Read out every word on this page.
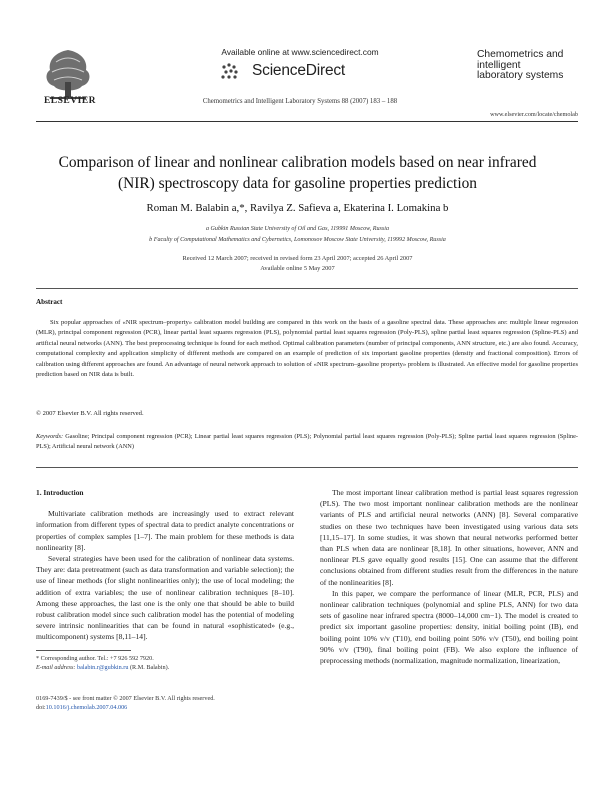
ELSEVIER
Available online at www.sciencedirect.com
ScienceDirect
Chemometrics and Intelligent Laboratory Systems 88 (2007) 183 – 188
Chemometrics and
intelligent
laboratory systems
www.elsevier.com/locate/chemolab
Comparison of linear and nonlinear calibration models based on near infrared
(NIR) spectroscopy data for gasoline properties prediction
Roman M. Balabin a,*, Ravilya Z. Safieva a, Ekaterina I. Lomakina b
a Gubkin Russian State University of Oil and Gas, 119991 Moscow, Russia
b Faculty of Computational Mathematics and Cybernetics, Lomonosov Moscow State University, 119992 Moscow, Russia
Received 12 March 2007; received in revised form 23 April 2007; accepted 26 April 2007
Available online 5 May 2007
Abstract
Six popular approaches of «NIR spectrum–property» calibration model building are compared in this work on the basis of a gasoline spectral data. These approaches are: multiple linear regression (MLR), principal component regression (PCR), linear partial least squares regression (PLS), polynomial partial least squares regression (Poly-PLS), spline partial least squares regression (Spline-PLS) and artificial neural networks (ANN). The best preprocessing technique is found for each method. Optimal calibration parameters (number of principal components, ANN structure, etc.) are also found. Accuracy, computational complexity and application simplicity of different methods are compared on an example of prediction of six important gasoline properties (density and fractional composition). Errors of calibration using different approaches are found. An advantage of neural network approach to solution of «NIR spectrum–gasoline property» problem is illustrated. An effective model for gasoline properties prediction based on NIR data is built.
© 2007 Elsevier B.V. All rights reserved.
Keywords: Gasoline; Principal component regression (PCR); Linear partial least squares regression (PLS); Polynomial partial least squares regression (Poly-PLS); Spline partial least squares regression (Spline-PLS); Artificial neural network (ANN)
1. Introduction

Multivariate calibration methods are increasingly used to extract relevant information from different types of spectral data to predict analyte concentrations or properties of complex samples [1–7]. The main problem for these methods is data nonlinearity [8].

Several strategies have been used for the calibration of nonlinear data systems. They are: data pretreatment (such as data transformation and variable selection); the use of linear methods (for slight nonlinearities only); the use of local modeling; the addition of extra variables; the use of nonlinear calibration techniques [8–10]. Among these approaches, the last one is the only one that should be able to build robust calibration model since such calibration model has the potential of modeling severe intrinsic nonlinearities that can be found in natural «sophisticated» (e.g., multicomponent) systems [8,11–14].

The most important linear calibration method is partial least squares regression (PLS). The two most important nonlinear calibration methods are the nonlinear variants of PLS and artificial neural networks (ANN) [8]. Several comparative studies on these two techniques have been investigated using various data sets [11,15–17]. In some studies, it was shown that neural networks performed better than PLS when data are nonlinear [8,18]. In other situations, however, ANN and nonlinear PLS gave equally good results [15]. One can assume that the different conclusions obtained from different studies result from the differences in the nature of the nonlinearities [8].

In this paper, we compare the performance of linear (MLR, PCR, PLS) and nonlinear calibration techniques (polynomial and spline PLS, ANN) for two data sets of gasoline near infrared spectra (8000–14,000 cm−1). The model is created to predict six important gasoline properties: density, initial boiling point (IB), end boiling point 10% v/v (T10), end boiling point 50% v/v (T50), end boiling point 90% v/v (T90), final boiling point (FB). We also explore the influence of preprocessing methods (normalization, magnitude normalization, linearization,

* Corresponding author. Tel.: +7 926 592 7920.
E-mail address: balabin.r@gubkin.ru (R.M. Balabin).
0169-7439/$ - see front matter © 2007 Elsevier B.V. All rights reserved.
doi:10.1016/j.chemolab.2007.04.006
